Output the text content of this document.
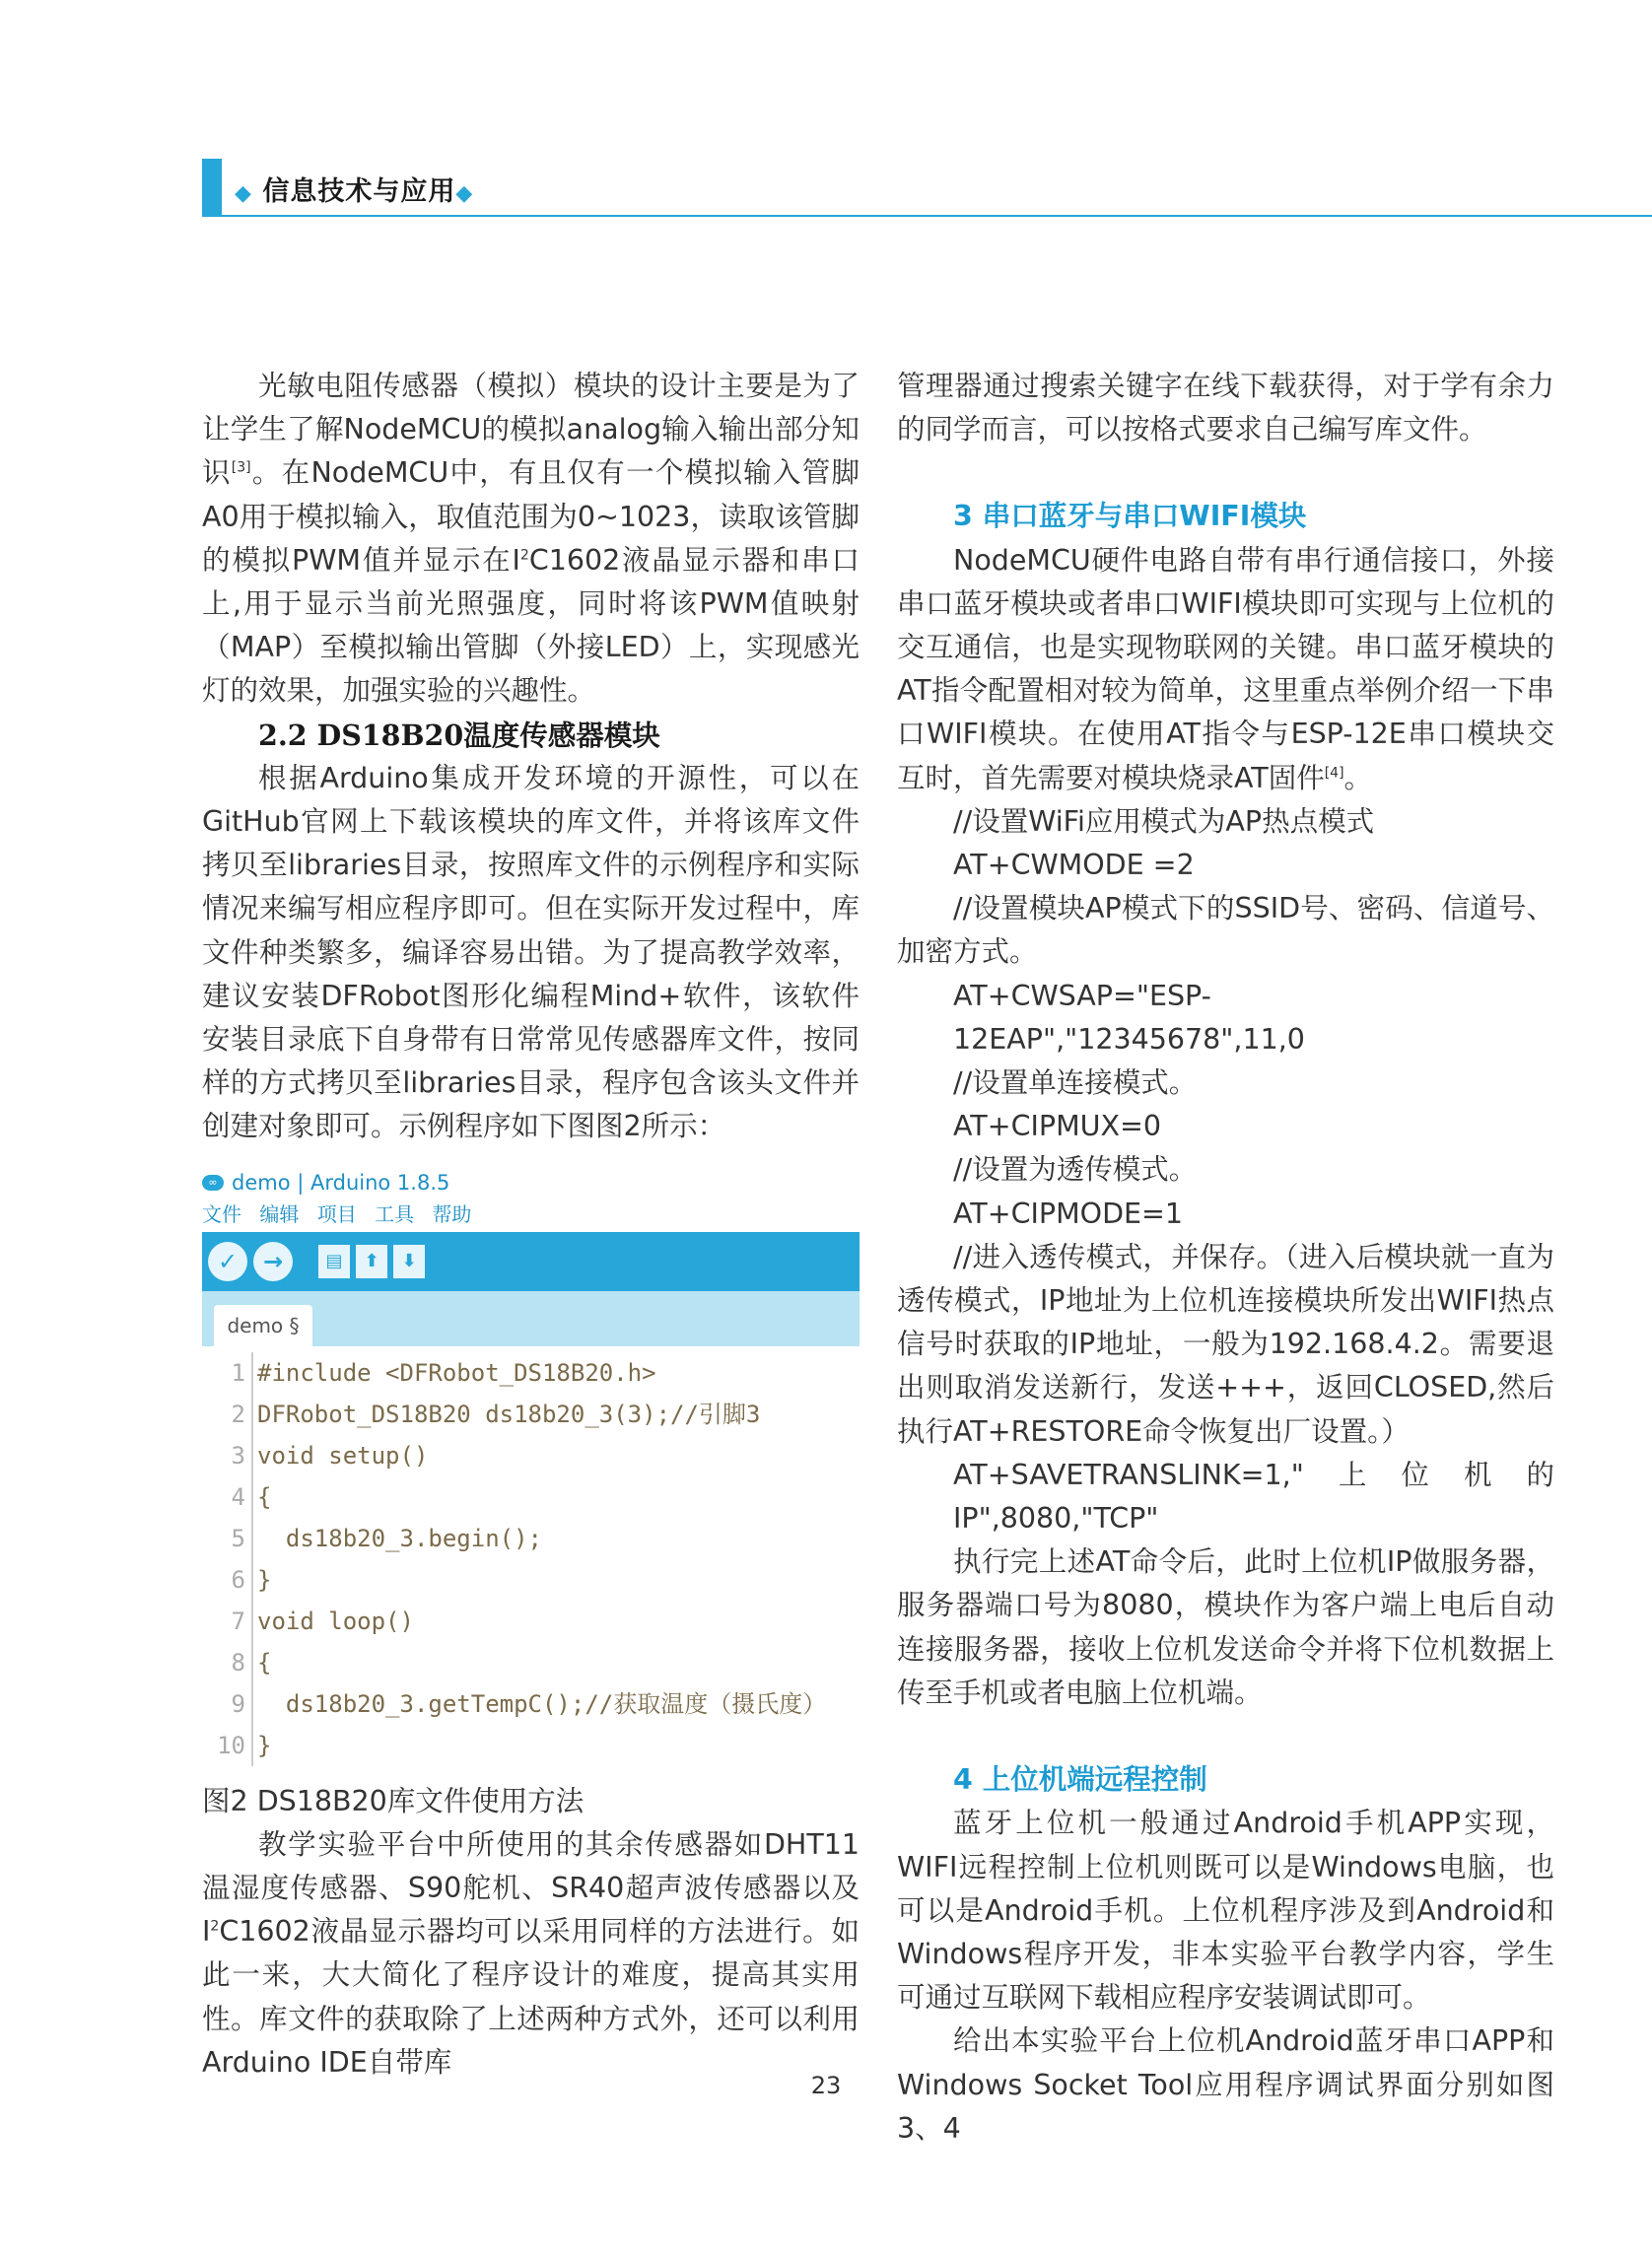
◆ 信息技术与应用◆

光敏电阻传感器（模拟）模块的设计主要是为了让学生了解NodeMCU的模拟analog输入输出部分知识[3]。在NodeMCU中，有且仅有一个模拟输入管脚A0用于模拟输入，取值范围为0~1023，读取该管脚的模拟PWM值并显示在$I^2C1602$液晶显示器和串口上,用于显示当前光照强度，同时将该PWM值映射（MAP）至模拟输出管脚（外接LED）上，实现感光灯的效果，加强实验的兴趣性。

2.2 DS18B20温度传感器模块

根据Arduino集成开发环境的开源性，可以在GitHub官网上下载该模块的库文件，并将该库文件拷贝至libraries目录，按照库文件的示例程序和实际情况来编写相应程序即可。但在实际开发过程中，库文件种类繁多，编译容易出错。为了提高教学效率，建议安装DFRobot图形化编程Mind+软件，该软件安装目录底下自身带有日常常见传感器库文件，按同样的方式拷贝至libraries目录，程序包含该头文件并创建对象即可。示例程序如下图图2所示：

∞ demo | Arduino 1.8.5
文件 编辑 项目 工具 帮助
✓	→	▤	⬆	⬇
demo §
1 #include <DFRobot_DS18B20.h>
2 DFRobot_DS18B20 ds18b20_3(3);//引脚3
3 void setup()
4 {
5 ds18b20_3.begin();
6 }
7 void loop()
8 {
9 ds18b20_3.getTempC();//获取温度（摄氏度）
10 }

图2 DS18B20库文件使用方法

教学实验平台中所使用的其余传感器如DHT11温湿度传感器、S90舵机、SR40超声波传感器以及$I^2C1602$液晶显示器均可以采用同样的方法进行。如此一来，大大简化了程序设计的难度，提高其实用性。库文件的获取除了上述两种方式外，还可以利用Arduino IDE自带库

管理器通过搜索关键字在线下载获得，对于学有余力的同学而言，可以按格式要求自己编写库文件。

3 串口蓝牙与串口WIFI模块

NodeMCU硬件电路自带有串行通信接口，外接串口蓝牙模块或者串口WIFI模块即可实现与上位机的交互通信，也是实现物联网的关键。串口蓝牙模块的AT指令配置相对较为简单，这里重点举例介绍一下串口WIFI模块。在使用AT指令与ESP-12E串口模块交互时，首先需要对模块烧录AT固件[4]。

//设置WiFi应用模式为AP热点模式

AT+CWMODE =2

//设置模块AP模式下的SSID号、密码、信道号、加密方式。

AT+CWSAP="ESP-12EAP","12345678",11,0

//设置单连接模式。

AT+CIPMUX=0

//设置为透传模式。

AT+CIPMODE=1

//进入透传模式，并保存。（进入后模块就一直为透传模式，IP地址为上位机连接模块所发出WIFI热点信号时获取的IP地址，一般为192.168.4.2。需要退出则取消发送新行，发送+++，返回CLOSED,然后执行AT+RESTORE命令恢复出厂设置。）

AT+SAVETRANSLINK=1,"上位机的IP",8080,"TCP"

执行完上述AT命令后，此时上位机IP做服务器，服务器端口号为8080，模块作为客户端上电后自动连接服务器，接收上位机发送命令并将下位机数据上传至手机或者电脑上位机端。

4 上位机端远程控制

蓝牙上位机一般通过Android手机APP实现，WIFI远程控制上位机则既可以是Windows电脑，也可以是Android手机。上位机程序涉及到Android和Windows程序开发，非本实验平台教学内容，学生可通过互联网下载相应程序安装调试即可。

给出本实验平台上位机Android蓝牙串口APP和Windows Socket Tool应用程序调试界面分别如图3、4

23
